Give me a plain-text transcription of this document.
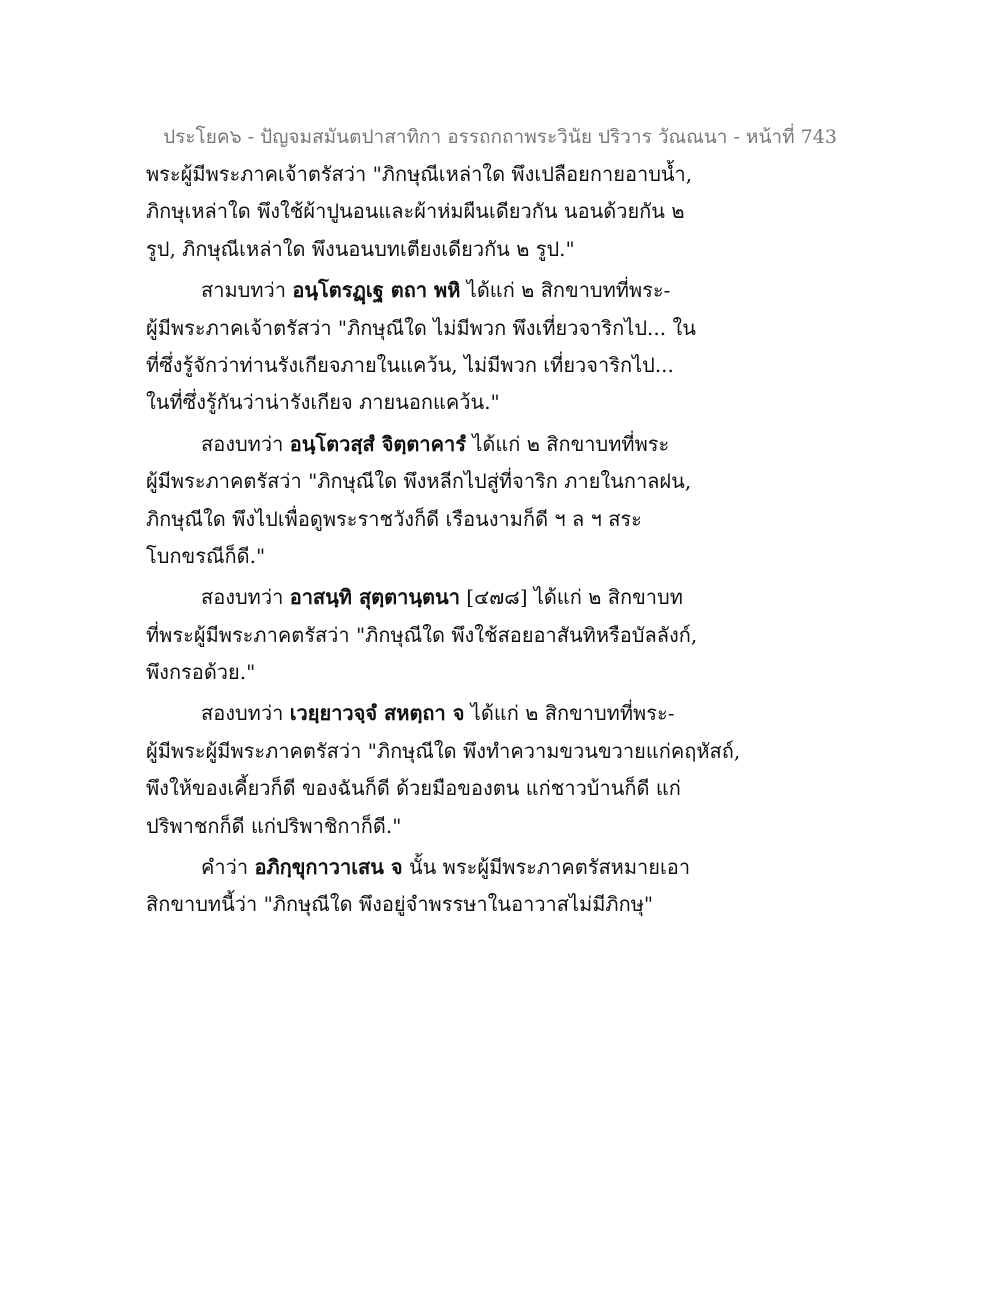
ประโยค๖ - ปัญจมสมันตปาสาทิกา อรรถกถาพระวินัย ปริวาร วัณณนา - หน้าที่ 743
พระผู้มีพระภาคเจ้าตรัสว่า "ภิกษุณีเหล่าใด พึงเปลือยกายอาบน้ำ,
ภิกษุเหล่าใด พึงใช้ผ้าปูนอนและผ้าห่มผืนเดียวกัน นอนด้วยกัน ๒
รูป, ภิกษุณีเหล่าใด พึงนอนบทเตียงเดียวกัน ๒ รูป."
สามบทว่า อนฺโตรฏฺเฐ ตถา พหิ ได้แก่ ๒ สิกขาบทที่พระ-
ผู้มีพระภาคเจ้าตรัสว่า "ภิกษุณีใด ไม่มีพวก พึงเที่ยวจาริกไป... ใน
ที่ซึ่งรู้จักว่าท่านรังเกียจภายในแคว้น, ไม่มีพวก เที่ยวจาริกไป...
ในที่ซึ่งรู้กันว่าน่ารังเกียจ ภายนอกแคว้น."
สองบทว่า อนฺโตวสฺสํ จิตฺตาคารํ ได้แก่ ๒ สิกขาบทที่พระ
ผู้มีพระภาคตรัสว่า "ภิกษุณีใด พึงหลีกไปสู่ที่จาริก ภายในกาลฝน,
ภิกษุณีใด พึงไปเพื่อดูพระราชวังก็ดี เรือนงามก็ดี ฯ ล ฯ สระ
โบกขรณีก็ดี."
สองบทว่า อาสนฺทิ สุตฺตานฺตนา [๔๗๘] ได้แก่ ๒ สิกขาบท
ที่พระผู้มีพระภาคตรัสว่า "ภิกษุณีใด พึงใช้สอยอาสันทิหรือบัลลังก์,
พึงกรอด้วย."
สองบทว่า เวยฺยาวจฺจํ สหตฺถา จ ได้แก่ ๒ สิกขาบทที่พระ-
ผู้มีพระผู้มีพระภาคตรัสว่า "ภิกษุณีใด พึงทำความขวนขวายแก่คฤหัสถ์,
พึงให้ของเคี้ยวก็ดี ของฉันก็ดี ด้วยมือของตน แก่ชาวบ้านก็ดี แก่
ปริพาชกก็ดี แก่ปริพาชิกาก็ดี."
คำว่า อภิกฺขุกาวาเสน จ นั้น พระผู้มีพระภาคตรัสหมายเอา
สิกขาบทนี้ว่า "ภิกษุณีใด พึงอยู่จำพรรษาในอาวาสไม่มีภิกษุ"
